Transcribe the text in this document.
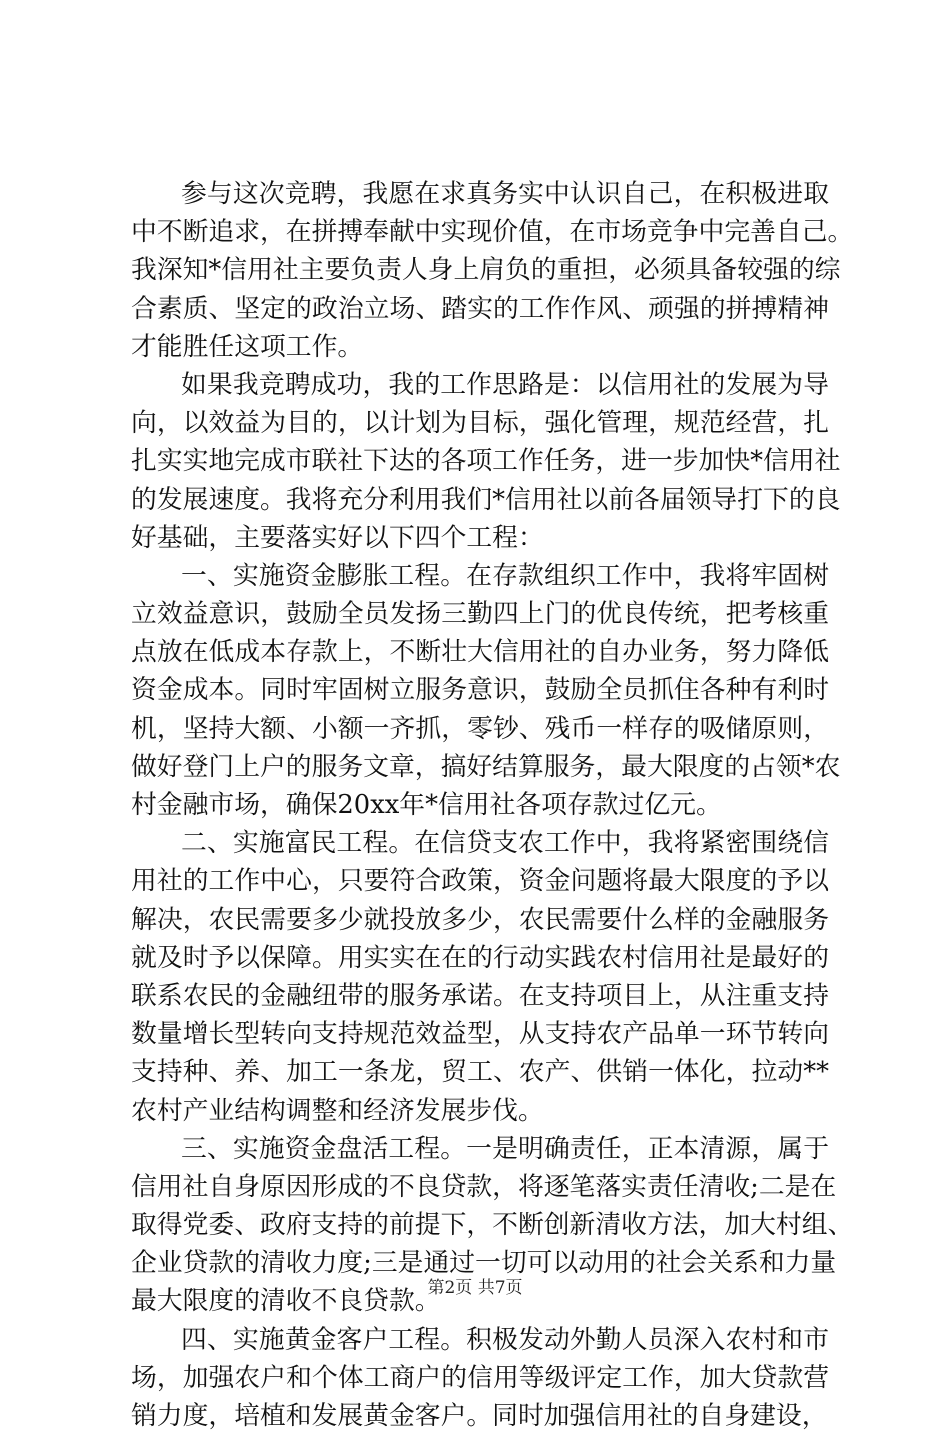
参与这次竞聘，我愿在求真务实中认识自己，在积极进取
中不断追求，在拼搏奉献中实现价值，在市场竞争中完善自己。
我深知*信用社主要负责人身上肩负的重担，必须具备较强的综
合素质、坚定的政治立场、踏实的工作作风、顽强的拼搏精神
才能胜任这项工作。
如果我竞聘成功，我的工作思路是：以信用社的发展为导
向，以效益为目的，以计划为目标，强化管理，规范经营，扎
扎实实地完成市联社下达的各项工作任务，进一步加快*信用社
的发展速度。我将充分利用我们*信用社以前各届领导打下的良
好基础，主要落实好以下四个工程：
一、实施资金膨胀工程。在存款组织工作中，我将牢固树
立效益意识，鼓励全员发扬三勤四上门的优良传统，把考核重
点放在低成本存款上，不断壮大信用社的自办业务，努力降低
资金成本。同时牢固树立服务意识，鼓励全员抓住各种有利时
机，坚持大额、小额一齐抓，零钞、残币一样存的吸储原则，
做好登门上户的服务文章，搞好结算服务，最大限度的占领*农
村金融市场，确保20xx年*信用社各项存款过亿元。
二、实施富民工程。在信贷支农工作中，我将紧密围绕信
用社的工作中心，只要符合政策，资金问题将最大限度的予以
解决，农民需要多少就投放多少，农民需要什么样的金融服务
就及时予以保障。用实实在在的行动实践农村信用社是最好的
联系农民的金融纽带的服务承诺。在支持项目上，从注重支持
数量增长型转向支持规范效益型，从支持农产品单一环节转向
支持种、养、加工一条龙，贸工、农产、供销一体化，拉动**
农村产业结构调整和经济发展步伐。
三、实施资金盘活工程。一是明确责任，正本清源，属于
信用社自身原因形成的不良贷款，将逐笔落实责任清收;二是在
取得党委、政府支持的前提下，不断创新清收方法，加大村组、
企业贷款的清收力度;三是通过一切可以动用的社会关系和力量
最大限度的清收不良贷款。
四、实施黄金客户工程。积极发动外勤人员深入农村和市
场，加强农户和个体工商户的信用等级评定工作，加大贷款营
销力度，培植和发展黄金客户。同时加强信用社的自身建设，
第2页 共7页
